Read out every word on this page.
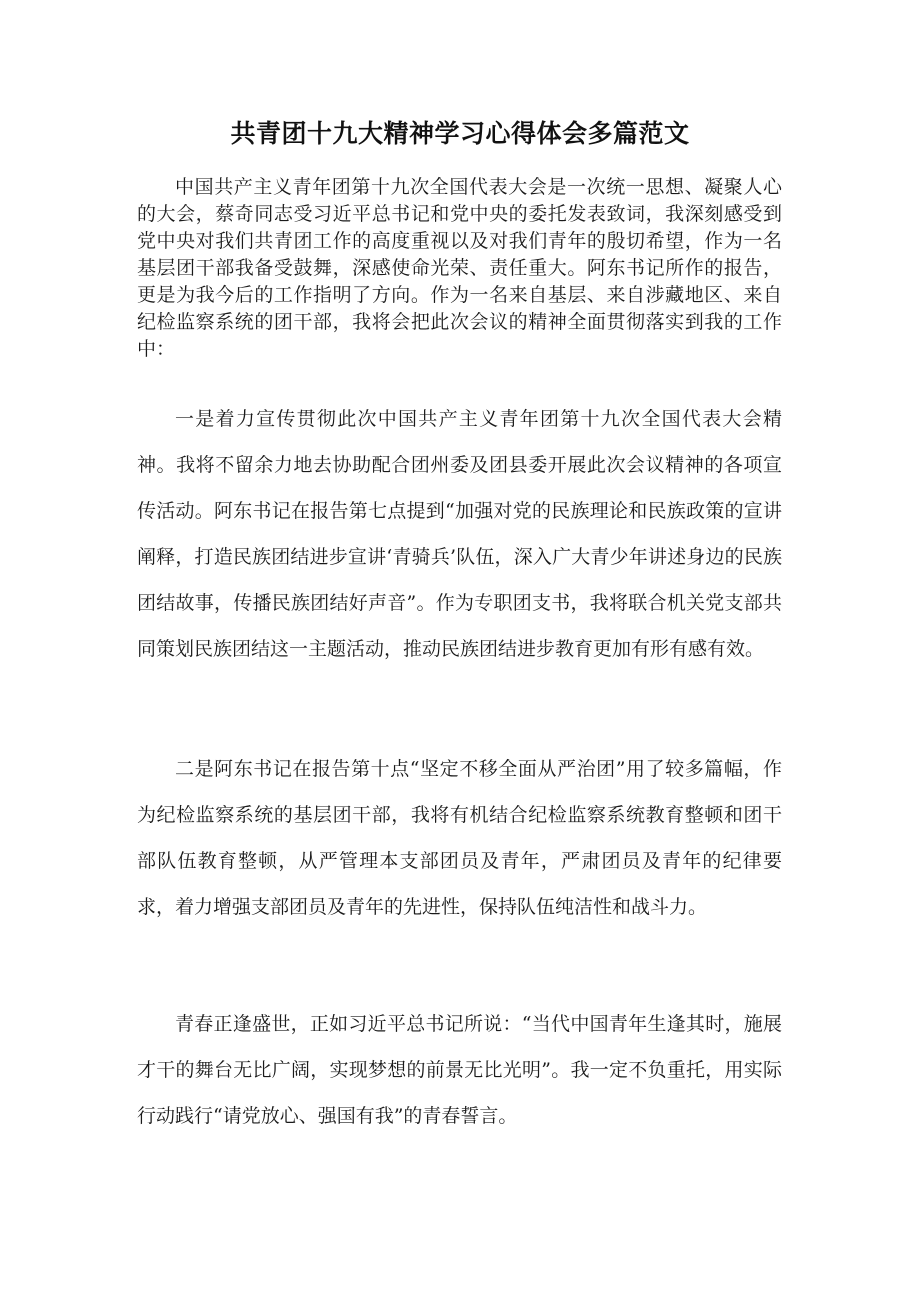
共青团十九大精神学习心得体会多篇范文

中国共产主义青年团第十九次全国代表大会是一次统一思想、凝聚人心的大会，蔡奇同志受习近平总书记和党中央的委托发表致词，我深刻感受到党中央对我们共青团工作的高度重视以及对我们青年的殷切希望，作为一名基层团干部我备受鼓舞，深感使命光荣、责任重大。阿东书记所作的报告，更是为我今后的工作指明了方向。作为一名来自基层、来自涉藏地区、来自纪检监察系统的团干部，我将会把此次会议的精神全面贯彻落实到我的工作中：

一是着力宣传贯彻此次中国共产主义青年团第十九次全国代表大会精神。我将不留余力地去协助配合团州委及团县委开展此次会议精神的各项宣传活动。阿东书记在报告第七点提到“加强对党的民族理论和民族政策的宣讲阐释，打造民族团结进步宣讲‘青骑兵’队伍，深入广大青少年讲述身边的民族团结故事，传播民族团结好声音”。作为专职团支书，我将联合机关党支部共同策划民族团结这一主题活动，推动民族团结进步教育更加有形有感有效。

二是阿东书记在报告第十点“坚定不移全面从严治团”用了较多篇幅，作为纪检监察系统的基层团干部，我将有机结合纪检监察系统教育整顿和团干部队伍教育整顿，从严管理本支部团员及青年，严肃团员及青年的纪律要求，着力增强支部团员及青年的先进性，保持队伍纯洁性和战斗力。

青春正逢盛世，正如习近平总书记所说：“当代中国青年生逢其时，施展才干的舞台无比广阔，实现梦想的前景无比光明”。我一定不负重托，用实际行动践行“请党放心、强国有我”的青春誓言。
